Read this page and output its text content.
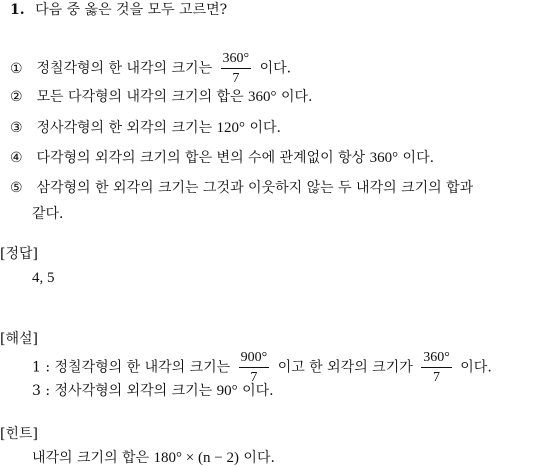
1. 다음 중 옳은 것을 모두 고르면?
① 정칠각형의 한 내각의 크기는 $\frac{360^\circ}{7}$ 이다.
② 모든 다각형의 내각의 크기의 합은 360° 이다.
③ 정사각형의 한 외각의 크기는 120° 이다.
④ 다각형의 외각의 크기의 합은 변의 수에 관계없이 항상 360° 이다.
⑤ 삼각형의 한 외각의 크기는 그것과 이웃하지 않는 두 내각의 크기의 합과
같다.
[정답]
4, 5
[해설]
1 : 정칠각형의 한 내각의 크기는 $\frac{900^\circ}{7}$ 이고 한 외각의 크기가 $\frac{360^\circ}{7}$ 이다.
3 : 정사각형의 외각의 크기는 90° 이다.
[힌트]
내각의 크기의 합은 180° × (n − 2) 이다.
